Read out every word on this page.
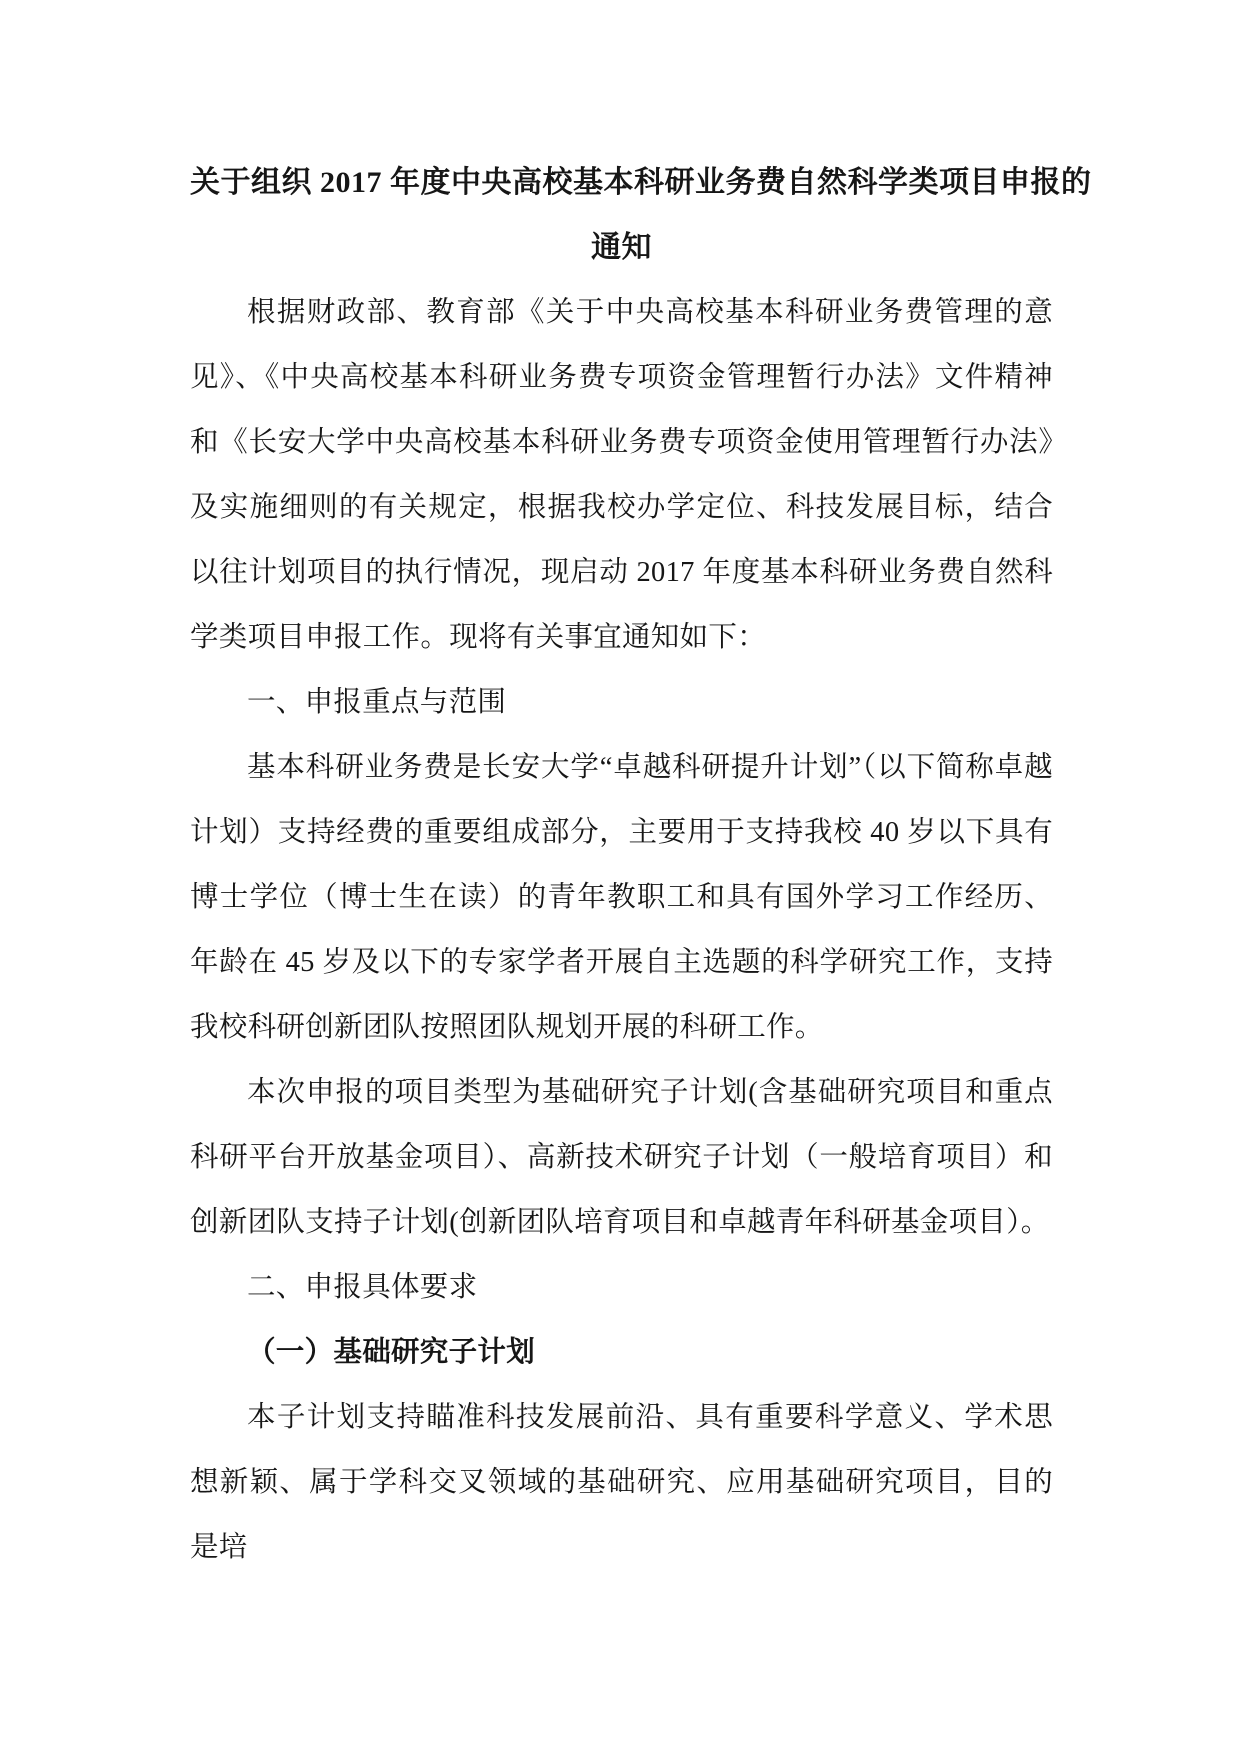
关于组织 2017 年度中央高校基本科研业务费自然科学类项目申报的
通知

根据财政部、教育部《关于中央高校基本科研业务费管理的意见》、《中央高校基本科研业务费专项资金管理暂行办法》文件精神和《长安大学中央高校基本科研业务费专项资金使用管理暂行办法》及实施细则的有关规定，根据我校办学定位、科技发展目标，结合以往计划项目的执行情况，现启动 2017 年度基本科研业务费自然科学类项目申报工作。现将有关事宜通知如下：

一、申报重点与范围

基本科研业务费是长安大学“卓越科研提升计划”（以下简称卓越计划）支持经费的重要组成部分，主要用于支持我校 40 岁以下具有博士学位（博士生在读）的青年教职工和具有国外学习工作经历、年龄在 45 岁及以下的专家学者开展自主选题的科学研究工作，支持我校科研创新团队按照团队规划开展的科研工作。

本次申报的项目类型为基础研究子计划(含基础研究项目和重点科研平台开放基金项目）、高新技术研究子计划（一般培育项目）和创新团队支持子计划(创新团队培育项目和卓越青年科研基金项目）。

二、申报具体要求

（一）基础研究子计划

本子计划支持瞄准科技发展前沿、具有重要科学意义、学术思想新颖、属于学科交叉领域的基础研究、应用基础研究项目，目的是培
